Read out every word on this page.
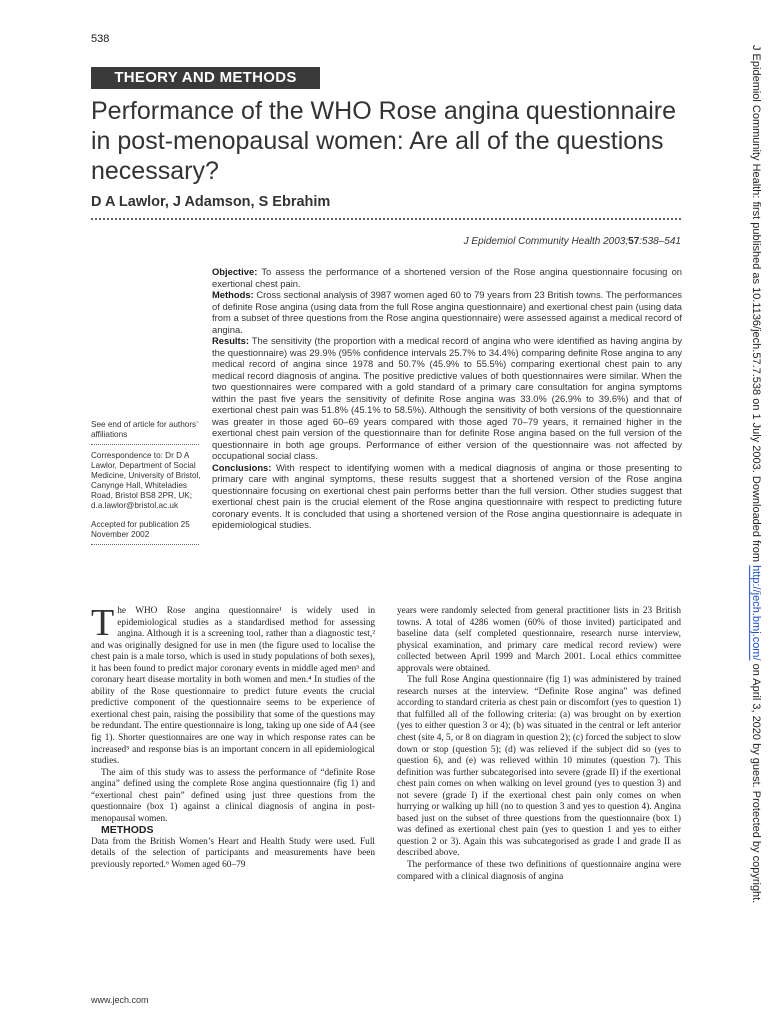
538
THEORY AND METHODS
Performance of the WHO Rose angina questionnaire in post-menopausal women: Are all of the questions necessary?
D A Lawlor, J Adamson, S Ebrahim
J Epidemiol Community Health 2003;57:538–541
See end of article for authors’ affiliations
Correspondence to: Dr D A Lawlor, Department of Social Medicine, University of Bristol, Canynge Hall, Whiteladies Road, Bristol BS8 2PR, UK; d.a.lawlor@bristol.ac.uk
Accepted for publication 25 November 2002

Objective: To assess the performance of a shortened version of the Rose angina questionnaire focusing on exertional chest pain.

Methods: Cross sectional analysis of 3987 women aged 60 to 79 years from 23 British towns. The performances of definite Rose angina (using data from the full Rose angina questionnaire) and exertional chest pain (using data from a subset of three questions from the Rose angina questionnaire) were assessed against a medical record of angina.

Results: The sensitivity (the proportion with a medical record of angina who were identified as having angina by the questionnaire) was 29.9% (95% confidence intervals 25.7% to 34.4%) comparing definite Rose angina to any medical record of angina since 1978 and 50.7% (45.9% to 55.5%) comparing exertional chest pain to any medical record diagnosis of angina. The positive predictive values of both questionnaires were similar. When the two questionnaires were compared with a gold standard of a primary care consultation for angina symptoms within the past five years the sensitivity of definite Rose angina was 33.0% (26.9% to 39.6%) and that of exertional chest pain was 51.8% (45.1% to 58.5%). Although the sensitivity of both versions of the questionnaire was greater in those aged 60–69 years compared with those aged 70–79 years, it remained higher in the exertional chest pain version of the questionnaire than for definite Rose angina based on the full version of the questionnaire in both age groups. Performance of either version of the questionnaire was not affected by occupational social class.

Conclusions: With respect to identifying women with a medical diagnosis of angina or those presenting to primary care with anginal symptoms, these results suggest that a shortened version of the Rose angina questionnaire focusing on exertional chest pain performs better than the full version. Other studies suggest that exertional chest pain is the crucial element of the Rose angina questionnaire with respect to predicting future coronary events. It is concluded that using a shortened version of the Rose angina questionnaire is adequate in epidemiological studies.

The WHO Rose angina questionnaire¹ is widely used in epidemiological studies as a standardised method for assessing angina. Although it is a screening tool, rather than a diagnostic test,² and was originally designed for use in men (the figure used to localise the chest pain is a male torso, which is used in study populations of both sexes), it has been found to predict major coronary events in middle aged men³ and coronary heart disease mortality in both women and men.⁴ In studies of the ability of the Rose questionnaire to predict future events the crucial predictive component of the questionnaire seems to be experience of exertional chest pain, raising the possibility that some of the questions may be redundant. The entire questionnaire is long, taking up one side of A4 (see fig 1). Shorter questionnaires are one way in which response rates can be increased⁵ and response bias is an important concern in all epidemiological studies.

The aim of this study was to assess the performance of “definite Rose angina” defined using the complete Rose angina questionnaire (fig 1) and “exertional chest pain” defined using just three questions from the questionnaire (box 1) against a clinical diagnosis of angina in post-menopausal women.

METHODS

Data from the British Women’s Heart and Health Study were used. Full details of the selection of participants and measurements have been previously reported.⁶ Women aged 60–79

years were randomly selected from general practitioner lists in 23 British towns. A total of 4286 women (60% of those invited) participated and baseline data (self completed questionnaire, research nurse interview, physical examination, and primary care medical record review) were collected between April 1999 and March 2001. Local ethics committee approvals were obtained.

The full Rose Angina questionnaire (fig 1) was administered by trained research nurses at the interview. “Definite Rose angina” was defined according to standard criteria as chest pain or discomfort (yes to question 1) that fulfilled all of the following criteria: (a) was brought on by exertion (yes to either question 3 or 4); (b) was situated in the central or left anterior chest (site 4, 5, or 8 on diagram in question 2); (c) forced the subject to slow down or stop (question 5); (d) was relieved if the subject did so (yes to question 6), and (e) was relieved within 10 minutes (question 7). This definition was further subcategorised into severe (grade II) if the exertional chest pain comes on when walking on level ground (yes to question 3) and not severe (grade I) if the exertional chest pain only comes on when hurrying or walking up hill (no to question 3 and yes to question 4). Angina based just on the subset of three questions from the questionnaire (box 1) was defined as exertional chest pain (yes to question 1 and yes to either question 2 or 3). Again this was subcategorised as grade I and grade II as described above.

The performance of these two definitions of questionnaire angina were compared with a clinical diagnosis of angina

www.jech.com
J Epidemiol Community Health: first published as 10.1136/jech.57.7.538 on 1 July 2003. Downloaded from http://jech.bmj.com/ on April 3, 2020 by guest. Protected by copyright.
